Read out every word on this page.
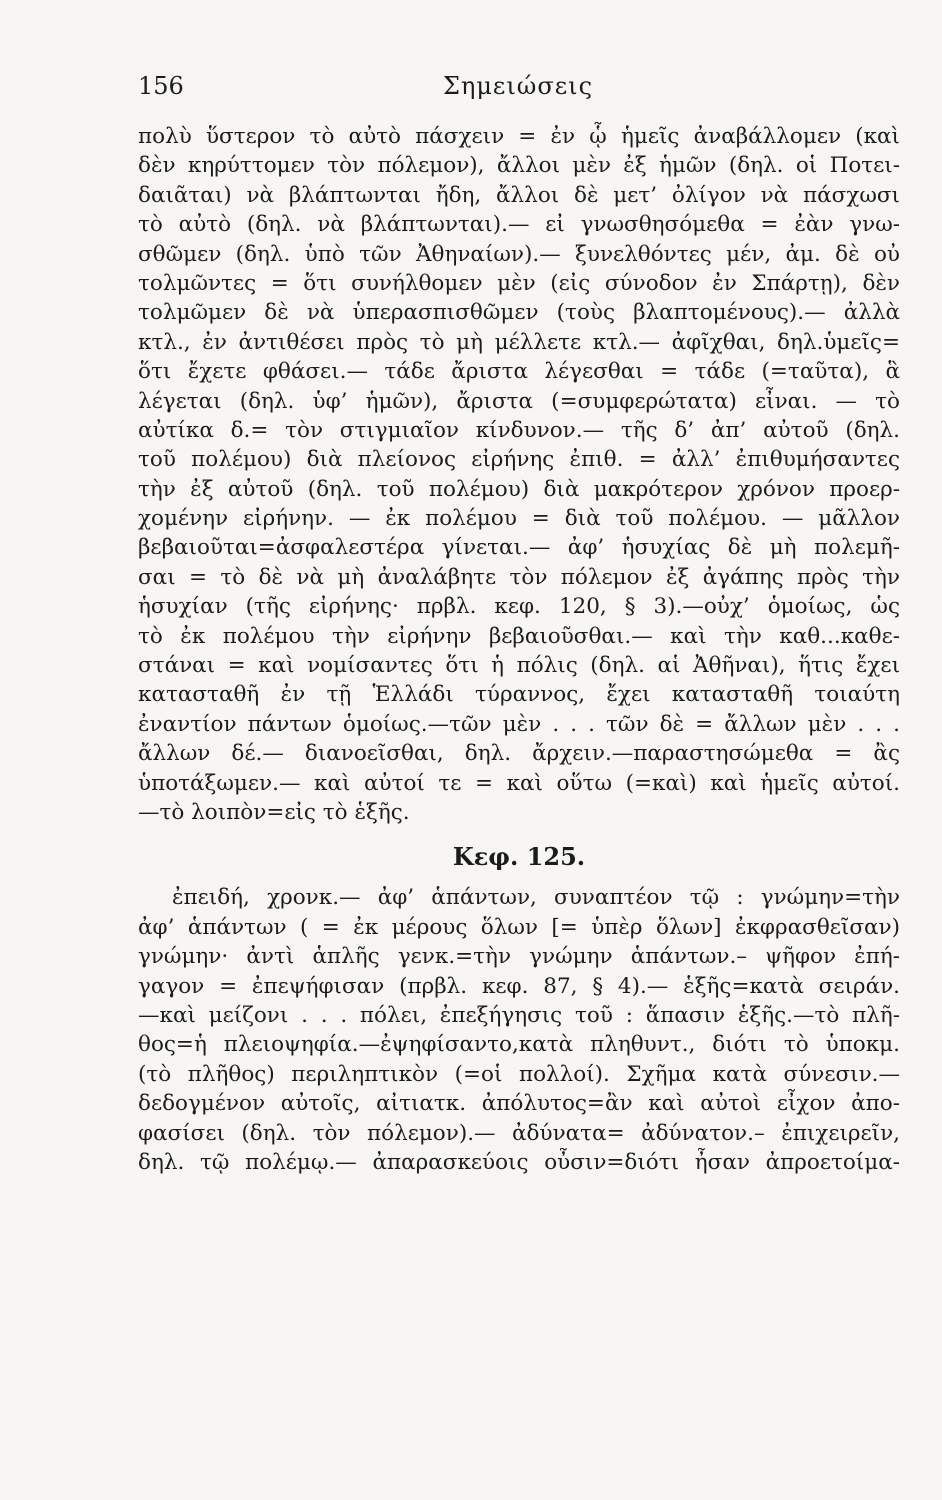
156	Σημειώσεις
πολὺ ὕστερον τὸ αὐτὸ πάσχειν = ἐν ᾧ ἡμεῖς ἀναβάλλομεν (καὶ
δὲν κηρύττομεν τὸν πόλεμον), ἄλλοι μὲν ἐξ ἡμῶν (δηλ. οἱ Ποτει-
δαιᾶται) νὰ βλάπτωνται ἤδη, ἄλλοι δὲ μετ’ ὀλίγον νὰ πάσχωσι
τὸ αὐτὸ (δηλ. νὰ βλάπτωνται).— εἰ γνωσθησόμεθα = ἐὰν γνω-
σθῶμεν (δηλ. ὑπὸ τῶν Ἀθηναίων).— ξυνελθόντες μέν, ἀμ. δὲ οὐ
τολμῶντες = ὅτι συνήλθομεν μὲν (εἰς σύνοδον ἐν Σπάρτῃ), δὲν
τολμῶμεν δὲ νὰ ὑπερασπισθῶμεν (τοὺς βλαπτομένους).— ἀλλὰ
κτλ., ἐν ἀντιθέσει πρὸς τὸ μὴ μέλλετε κτλ.— ἀφῖχθαι, δηλ.ὑμεῖς=
ὅτι ἔχετε φθάσει.— τάδε ἄριστα λέγεσθαι = τάδε (=ταῦτα), ἃ
λέγεται (δηλ. ὑφ’ ἡμῶν), ἄριστα (=συμφερώτατα) εἶναι. — τὸ
αὐτίκα δ.= τὸν στιγμιαῖον κίνδυνον.— τῆς δ’ ἀπ’ αὐτοῦ (δηλ.
τοῦ πολέμου) διὰ πλείονος εἰρήνης ἐπιθ. = ἀλλ’ ἐπιθυμήσαντες
τὴν ἐξ αὐτοῦ (δηλ. τοῦ πολέμου) διὰ μακρότερον χρόνον προερ-
χομένην εἰρήνην. — ἐκ πολέμου = διὰ τοῦ πολέμου. — μᾶλλον
βεβαιοῦται=ἀσφαλεστέρα γίνεται.— ἀφ’ ἡσυχίας δὲ μὴ πολεμῆ-
σαι = τὸ δὲ νὰ μὴ ἀναλάβητε τὸν πόλεμον ἐξ ἀγάπης πρὸς τὴν
ἡσυχίαν (τῆς εἰρήνης· πρβλ. κεφ. 120, § 3).—οὐχ’ ὁμοίως, ὡς
τὸ ἐκ πολέμου τὴν εἰρήνην βεβαιοῦσθαι.— καὶ τὴν καθ...καθε-
στάναι = καὶ νομίσαντες ὅτι ἡ πόλις (δηλ. αἱ Ἀθῆναι), ἥτις ἔχει
κατασταθῆ ἐν τῇ Ἑλλάδι τύραννος, ἔχει κατασταθῆ τοιαύτη
ἐναντίον πάντων ὁμοίως.—τῶν μὲν . . . τῶν δὲ = ἄλλων μὲν . . .
ἄλλων δέ.— διανοεῖσθαι, δηλ. ἄρχειν.—παραστησώμεθα = ἂς
ὑποτάξωμεν.— καὶ αὐτοί τε = καὶ οὕτω (=καὶ) καὶ ἡμεῖς αὐτοί.
—τὸ λοιπὸν=εἰς τὸ ἑξῆς.
Κεφ. 125.
ἐπειδή, χρονκ.— ἀφ’ ἁπάντων, συναπτέον τῷ : γνώμην=τὴν
ἀφ’ ἁπάντων ( = ἐκ μέρους ὅλων [= ὑπὲρ ὅλων] ἐκφρασθεῖσαν)
γνώμην· ἀντὶ ἁπλῆς γενκ.=τὴν γνώμην ἁπάντων.– ψῆφον ἐπή-
γαγον = ἐπεψήφισαν (πρβλ. κεφ. 87, § 4).— ἑξῆς=κατὰ σειράν.
—καὶ μείζονι . . . πόλει, ἐπεξήγησις τοῦ : ἅπασιν ἑξῆς.—τὸ πλῆ-
θος=ἡ πλειοψηφία.—ἐψηφίσαντο,κατὰ πληθυντ., διότι τὸ ὑποκμ.
(τὸ πλῆθος) περιληπτικὸν (=οἱ πολλοί). Σχῆμα κατὰ σύνεσιν.—
δεδογμένον αὐτοῖς, αἰτιατκ. ἀπόλυτος=ἂν καὶ αὐτοὶ εἶχον ἀπο-
φασίσει (δηλ. τὸν πόλεμον).— ἀδύνατα= ἀδύνατον.– ἐπιχειρεῖν,
δηλ. τῷ πολέμῳ.— ἀπαρασκεύοις οὖσιν=διότι ἦσαν ἀπροετοίμα-
